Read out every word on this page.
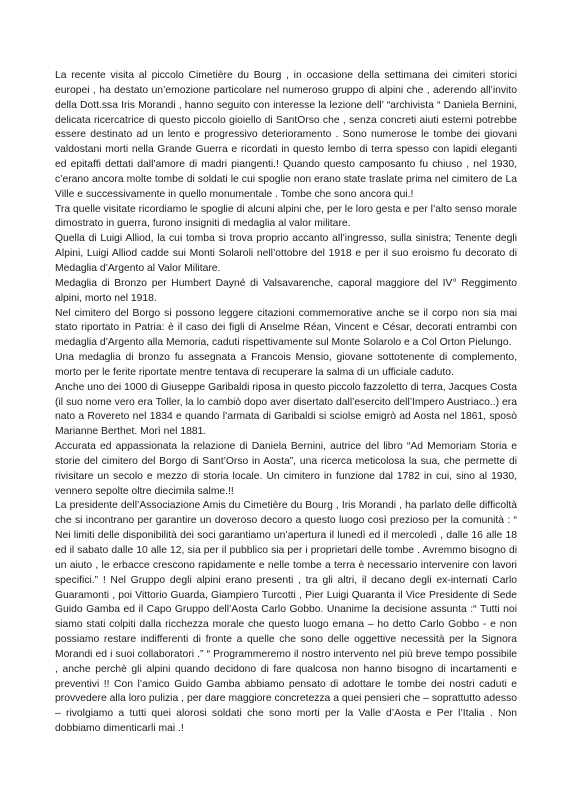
La recente visita al piccolo Cimetière du Bourg , in occasione della settimana dei cimiteri storici europei , ha destato un’emozione particolare nel numeroso gruppo di alpini che , aderendo all’invito della Dott.ssa Iris Morandi , hanno seguito con interesse la lezione dell’ “archivista “ Daniela Bernini, delicata ricercatrice di questo piccolo gioiello di SantOrso che , senza concreti aiuti esterni potrebbe essere destinato ad un lento e progressivo deterioramento . Sono numerose le tombe dei giovani valdostani morti nella Grande Guerra e ricordati in questo lembo di terra spesso con lapidi eleganti ed epitaffi dettati dall’amore di madri piangenti.! Quando questo camposanto fu chiuso , nel 1930, c’erano ancora molte tombe di soldati le cui spoglie non erano state traslate prima nel cimitero de La Ville e successivamente in quello monumentale . Tombe che sono ancora qui.!

Tra quelle visitate ricordiamo le spoglie di alcuni alpini che, per le loro gesta e per l’alto senso morale dimostrato in guerra, furono insigniti di medaglia al valor militare.

Quella di Luigi Alliod, la cui tomba si trova proprio accanto all’ingresso, sulla sinistra; Tenente degli Alpini, Luigi Alliod cadde sui Monti Solaroli nell’ottobre del 1918 e per il suo eroismo fu decorato di Medaglia d’Argento al Valor Militare.

Medaglia di Bronzo per Humbert Dayné di Valsavarenche, caporal maggiore del IV° Reggimento alpini, morto nel 1918.

Nel cimitero del Borgo si possono leggere citazioni commemorative anche se il corpo non sia mai stato riportato in Patria: è il caso dei figli di Anselme Réan, Vincent e César, decorati entrambi con medaglia d’Argento alla Memoria, caduti rispettivamente sul Monte Solarolo e a Col Orton Pielungo.

Una medaglia di bronzo fu assegnata a Francois Mensio, giovane sottotenente di complemento, morto per le ferite riportate mentre tentava di recuperare la salma di un ufficiale caduto.

Anche uno dei 1000 di Giuseppe Garibaldi riposa in questo piccolo fazzoletto di terra, Jacques Costa (il suo nome vero era Toller, la lo cambiò dopo aver disertato dall’esercito dell’Impero Austriaco..) era nato a Rovereto nel 1834 e quando l’armata di Garibaldi si sciolse emigrò ad Aosta nel 1861, sposò Marianne Berthet. Morì nel 1881.

Accurata ed appassionata la relazione di Daniela Bernini, autrice del libro “Ad Memoriam Storia e storie del cimitero del Borgo di Sant’Orso in Aosta”, una ricerca meticolosa la sua, che permette di rivisitare un secolo e mezzo di storia locale. Un cimitero in funzione dal 1782 in cui, sino al 1930, vennero sepolte oltre diecimila salme.!!

La presidente dell’Associazione Amis du Cimetière du Bourg , Iris Morandi , ha parlato delle difficoltà che si incontrano per garantire un doveroso decoro a questo luogo così prezioso per la comunità : “ Nei limiti delle disponibilità dei soci garantiamo un’apertura il lunedì ed il mercoledì , dalle 16 alle 18 ed il sabato dalle 10 alle 12, sia per il pubblico sia per i proprietari delle tombe . Avremmo bisogno di un aiuto , le erbacce crescono rapidamente e nelle tombe a terra è necessario intervenire con lavori specifici.” ! Nel Gruppo degli alpini erano presenti , tra gli altri, il decano degli ex-internati Carlo Guaramonti , poi Vittorio Guarda, Giampiero Turcotti , Pier Luigi Quaranta il Vice Presidente di Sede Guido Gamba ed il Capo Gruppo dell’Aosta Carlo Gobbo. Unanime la decisione assunta :“ Tutti noi siamo stati colpiti dalla ricchezza morale che questo luogo emana – ho detto Carlo Gobbo - e non possiamo restare indifferenti di fronte a quelle che sono delle oggettive necessità per la Signora Morandi ed i suoi collaboratori .” “ Programmeremo il nostro intervento nel più breve tempo possibile , anche perchè gli alpini quando decidono di fare qualcosa non hanno bisogno di incartamenti e preventivi !! Con l’amico Guido Gamba abbiamo pensato di adottare le tombe dei nostri caduti e provvedere alla loro pulizia , per dare maggiore concretezza a quei pensieri che – soprattutto adesso – rivolgiamo a tutti quei alorosi soldati che sono morti per la Valle d’Aosta e Per l’Italia . Non dobbiamo dimenticarli mai .!
